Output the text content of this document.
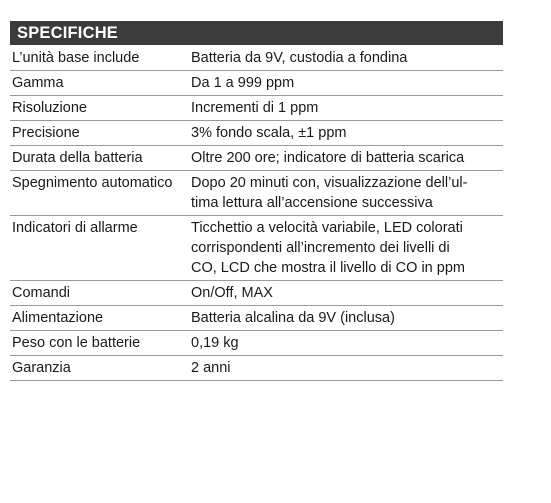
SPECIFICHE
L’unità base include	Batteria da 9V, custodia a fondina
Gamma	Da 1 a 999 ppm
Risoluzione	Incrementi di 1 ppm
Precisione	3% fondo scala, ±1 ppm
Durata della batteria	Oltre 200 ore; indicatore di batteria scarica
Spegnimento automatico	Dopo 20 minuti con, visualizzazione dell’ul-
tima lettura all’accensione successiva
Indicatori di allarme	Ticchettio a velocità variabile, LED colorati
corrispondenti all’incremento dei livelli di
CO, LCD che mostra il livello di CO in ppm
Comandi	On/Off, MAX
Alimentazione	Batteria alcalina da 9V (inclusa)
Peso con le batterie	0,19 kg
Garanzia	2 anni
